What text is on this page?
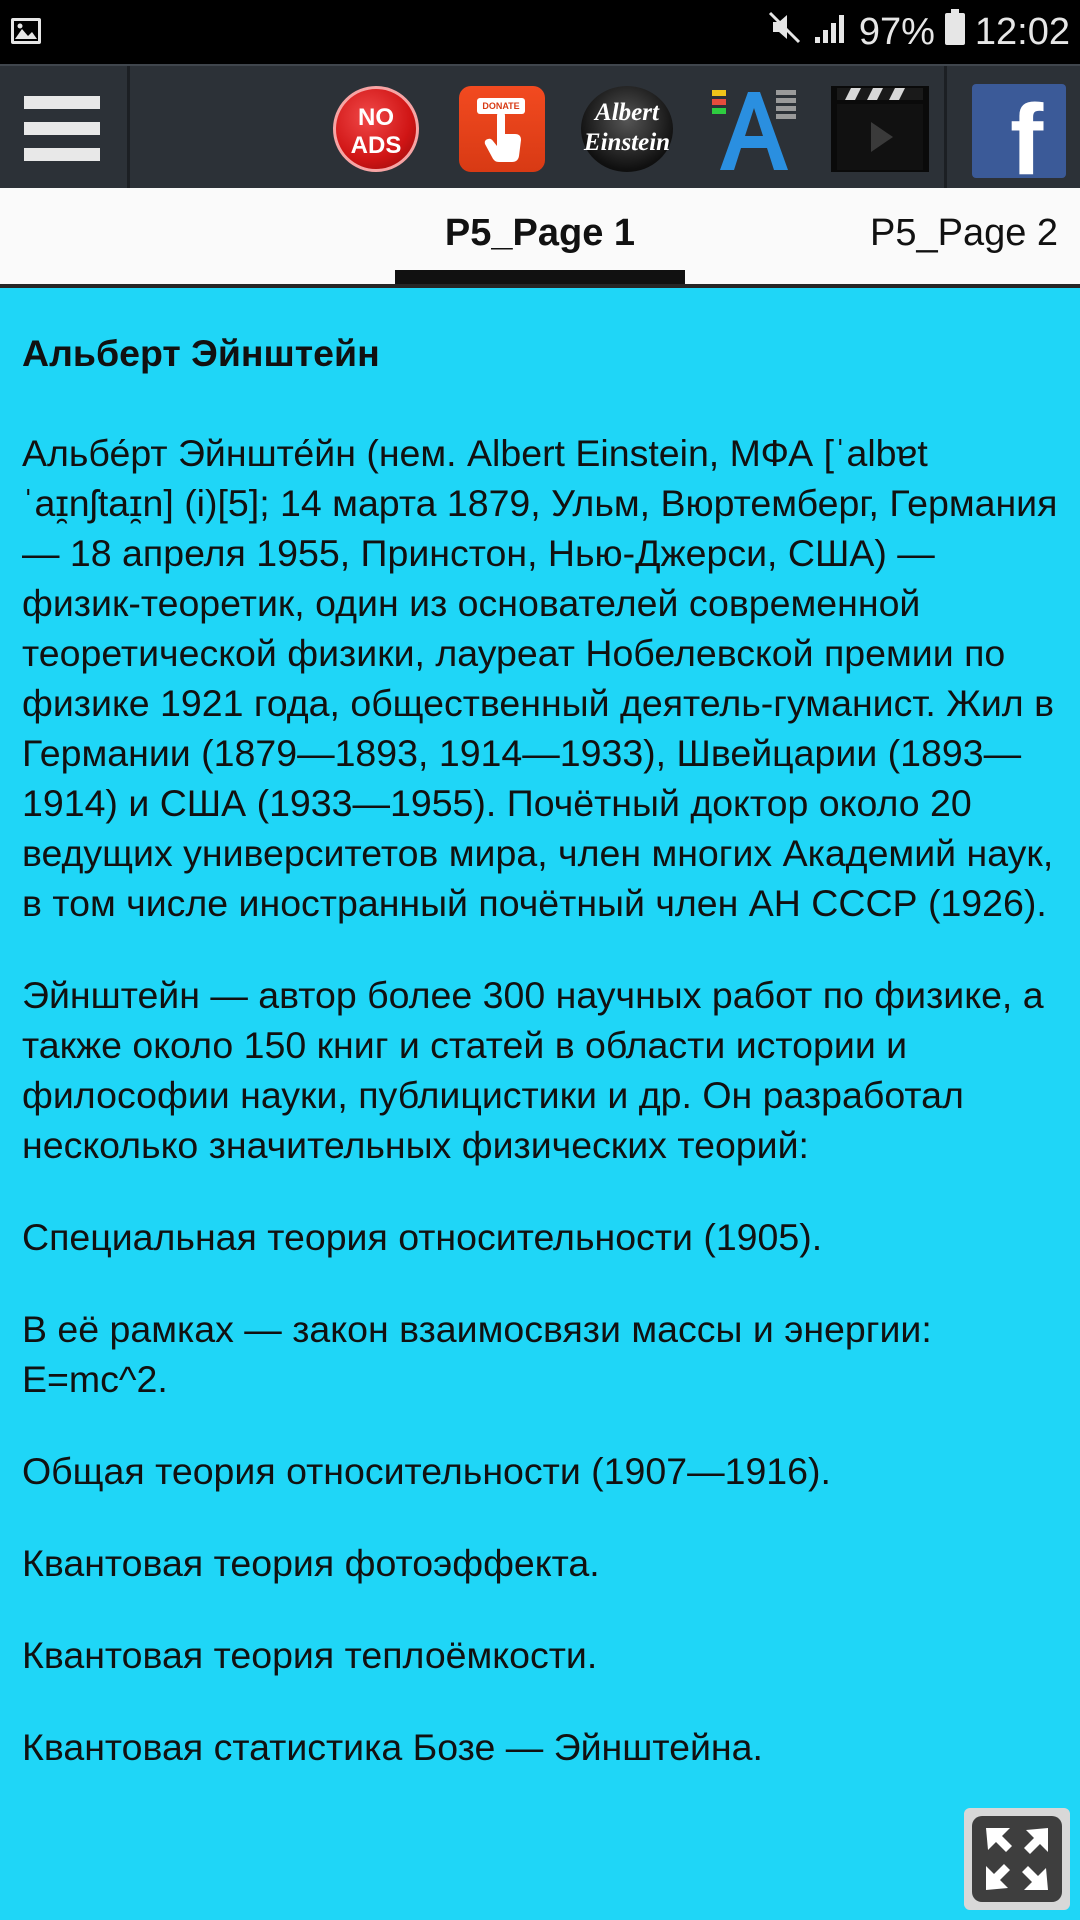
97% 12:02
NO
ADS
DONATE	Albert
Einstein	f
P5_Page 1	P5_Page 2
Альберт Эйнштейн

Альбе́рт Эйнште́йн (нем. Albert Einstein, МФА [ˈalbɐt ˈaɪ̯nʃtaɪ̯n] (i)[5]; 14 марта 1879, Ульм, Вюртемберг, Германия — 18 апреля 1955, Принстон, Нью-Джерси, США) — физик-теоретик, один из основателей современной теоретической физики, лауреат Нобелевской премии по физике 1921 года, общественный деятель-гуманист. Жил в Германии (1879—1893, 1914—1933), Швейцарии (1893—1914) и США (1933—1955). Почётный доктор около 20 ведущих университетов мира, член многих Академий наук, в том числе иностранный почётный член АН СССР (1926).

Эйнштейн — автор более 300 научных работ по физике, а также около 150 книг и статей в области истории и философии науки, публицистики и др. Он разработал несколько значительных физических теорий:

Специальная теория относительности (1905).

В её рамках — закон взаимосвязи массы и энергии: E=mc^2.

Общая теория относительности (1907—1916).

Квантовая теория фотоэффекта.

Квантовая теория теплоёмкости.

Квантовая статистика Бозе — Эйнштейна.
